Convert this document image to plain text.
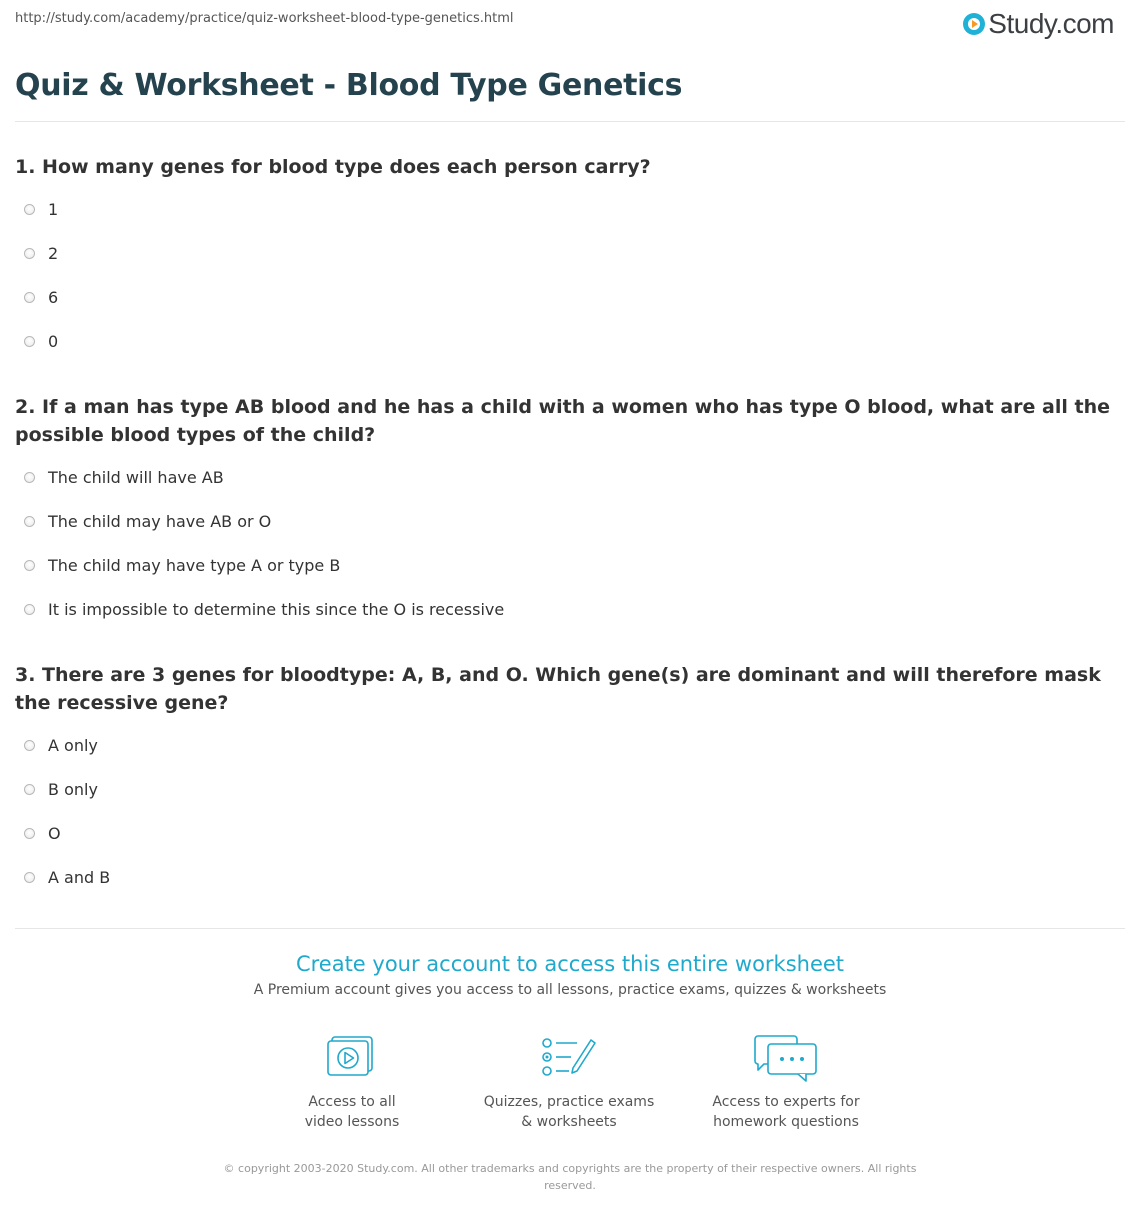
http://study.com/academy/practice/quiz-worksheet-blood-type-genetics.html	Study.com
Quiz & Worksheet - Blood Type Genetics

1. How many genes for blood type does each person carry?

1
2
6
0

2. If a man has type AB blood and he has a child with a women who has type O blood, what are all the possible blood types of the child?

The child will have AB
The child may have AB or O
The child may have type A or type B
It is impossible to determine this since the O is recessive

3. There are 3 genes for bloodtype: A, B, and O. Which gene(s) are dominant and will therefore mask the recessive gene?

A only
B only
O
A and B
Create your account to access this entire worksheet
A Premium account gives you access to all lessons, practice exams, quizzes & worksheets
Access to all
video lessons
Quizzes, practice exams
& worksheets
Access to experts for
homework questions
© copyright 2003-2020 Study.com. All other trademarks and copyrights are the property of their respective owners. All rights
reserved.
